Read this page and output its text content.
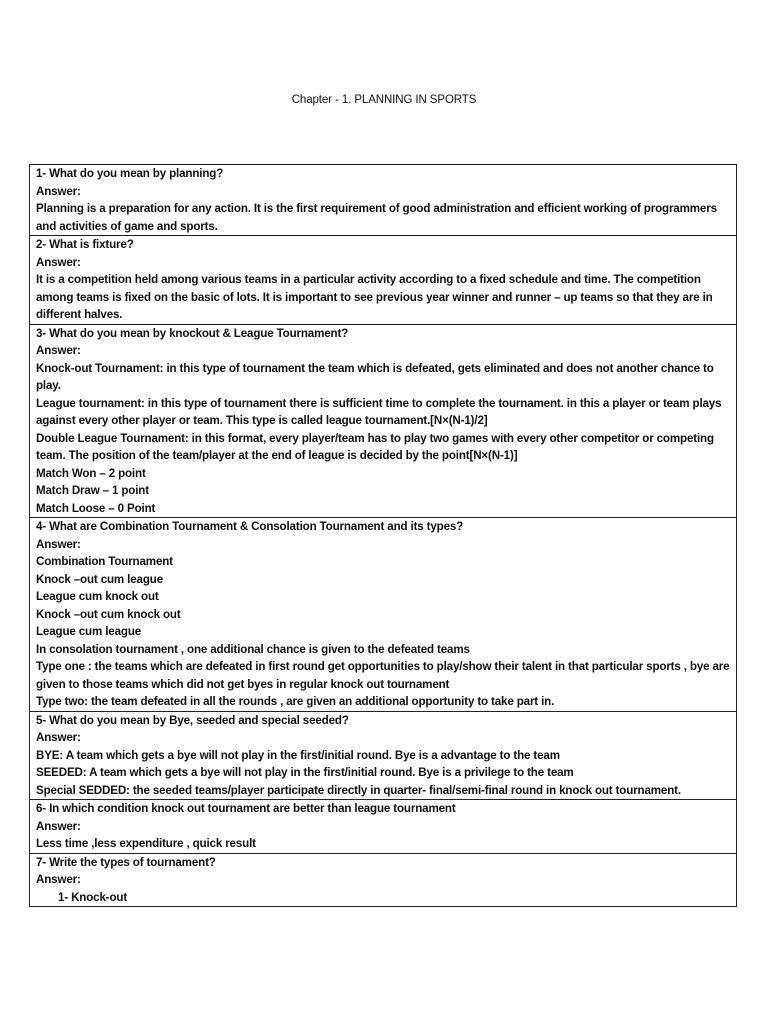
Chapter - 1. PLANNING IN SPORTS
1- What do you mean by planning?
Answer:
Planning is a preparation for any action. It is the first requirement of good administration and efficient working of programmers and activities of game and sports.

2- What is fixture?
Answer:
It is a competition held among various teams in a particular activity according to a fixed schedule and time. The competition among teams is fixed on the basic of lots. It is important to see previous year winner and runner – up teams so that they are in different halves.

3- What do you mean by knockout & League Tournament?
Answer:
Knock-out Tournament: in this type of tournament the team which is defeated, gets eliminated and does not another chance to play.
League tournament: in this type of tournament there is sufficient time to complete the tournament. in this a player or team plays against every other player or team. This type is called league tournament.[N×(N-1)/2]
Double League Tournament: in this format, every player/team has to play two games with every other competitor or competing team. The position of the team/player at the end of league is decided by the point[N×(N-1)]
Match Won – 2 point
Match Draw – 1 point
Match Loose – 0 Point

4- What are Combination Tournament & Consolation Tournament and its types?
Answer:
Combination Tournament
Knock –out cum league
League cum knock out
Knock –out cum knock out
League cum league
In consolation tournament , one additional chance is given to the defeated teams
Type one : the teams which are defeated in first round get opportunities to play/show their talent in that particular sports , bye are given to those teams which did not get byes in regular knock out tournament
Type two: the team defeated in all the rounds , are given an additional opportunity to take part in.

5- What do you mean by Bye, seeded and special seeded?
Answer:
BYE: A team which gets a bye will not play in the first/initial round. Bye is a advantage to the team
SEEDED: A team which gets a bye will not play in the first/initial round. Bye is a privilege to the team
Special SEDDED: the seeded teams/player participate directly in quarter- final/semi-final round in knock out tournament.

6- In which condition knock out tournament are better than league tournament
Answer:
Less time ,less expenditure , quick result

7- Write the types of tournament?
Answer:
1- Knock-out
